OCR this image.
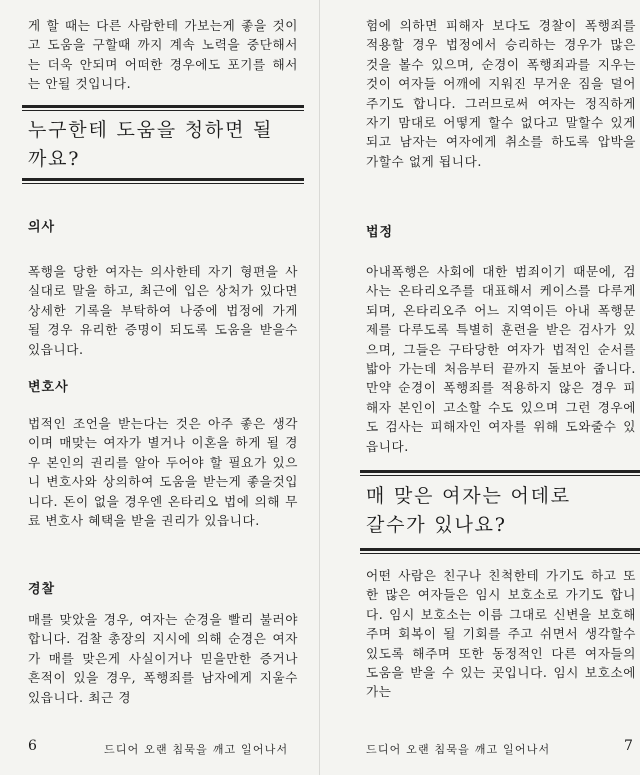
게 할 때는 다른 사람한테 가보는게 좋을 것이고 도움을 구할때 까지 계속 노력을 중단해서는 더욱 안되며 어떠한 경우에도 포기를 해서는 안될 것입니다.

누구한테 도움을 청하면 될까요?
의사

폭행을 당한 여자는 의사한테 자기 형편을 사실대로 말을 하고, 최근에 입은 상처가 있다면 상세한 기록을 부탁하여 나중에 법정에 가게 될 경우 유리한 증명이 되도록 도움을 받을수 있읍니다.

변호사

법적인 조언을 받는다는 것은 아주 좋은 생각이며 매맞는 여자가 별거나 이혼을 하게 될 경우 본인의 권리를 알아 두어야 할 필요가 있으니 변호사와 상의하여 도움을 받는게 좋을것입니다. 돈이 없을 경우엔 온타리오 법에 의해 무료 변호사 혜택을 받을 권리가 있읍니다.

경찰

매를 맞았을 경우, 여자는 순경을 빨리 불러야 합니다. 검찰 총장의 지시에 의해 순경은 여자가 매를 맞은게 사실이거나 믿을만한 증거나 흔적이 있을 경우, 폭행죄를 남자에게 지울수 있읍니다. 최근 경

6	드디어 오랜 침묵을 깨고 일어나서

험에 의하면 피해자 보다도 경찰이 폭행죄를 적용할 경우 법정에서 승리하는 경우가 많은 것을 볼수 있으며, 순경이 폭행죄과를 지우는 것이 여자들 어깨에 지워진 무거운 짐을 덜어주기도 합니다. 그러므로써 여자는 정직하게 자기 맘대로 어떻게 할수 없다고 말할수 있게 되고 남자는 여자에게 취소를 하도록 압박을 가할수 없게 됩니다.

법정

아내폭행은 사회에 대한 범죄이기 때문에, 검사는 온타리오주를 대표해서 케이스를 다루게 되며, 온타리오주 어느 지역이든 아내 폭행문제를 다루도록 특별히 훈련을 받은 검사가 있으며, 그들은 구타당한 여자가 법적인 순서를 밟아 가는데 처음부터 끝까지 돌보아 줍니다. 만약 순경이 폭행죄를 적용하지 않은 경우 피해자 본인이 고소할 수도 있으며 그런 경우에도 검사는 피해자인 여자를 위해 도와줄수 있읍니다.

매 맞은 여자는 어데로 갈수가 있나요?

어떤 사람은 친구나 친척한테 가기도 하고 또한 많은 여자들은 임시 보호소로 가기도 합니다. 임시 보호소는 이름 그대로 신변을 보호해 주며 회복이 될 기회를 주고 쉬면서 생각할수 있도록 해주며 또한 동정적인 다른 여자들의 도움을 받을 수 있는 곳입니다. 임시 보호소에 가는

드디어 오랜 침묵을 깨고 일어나서	7
